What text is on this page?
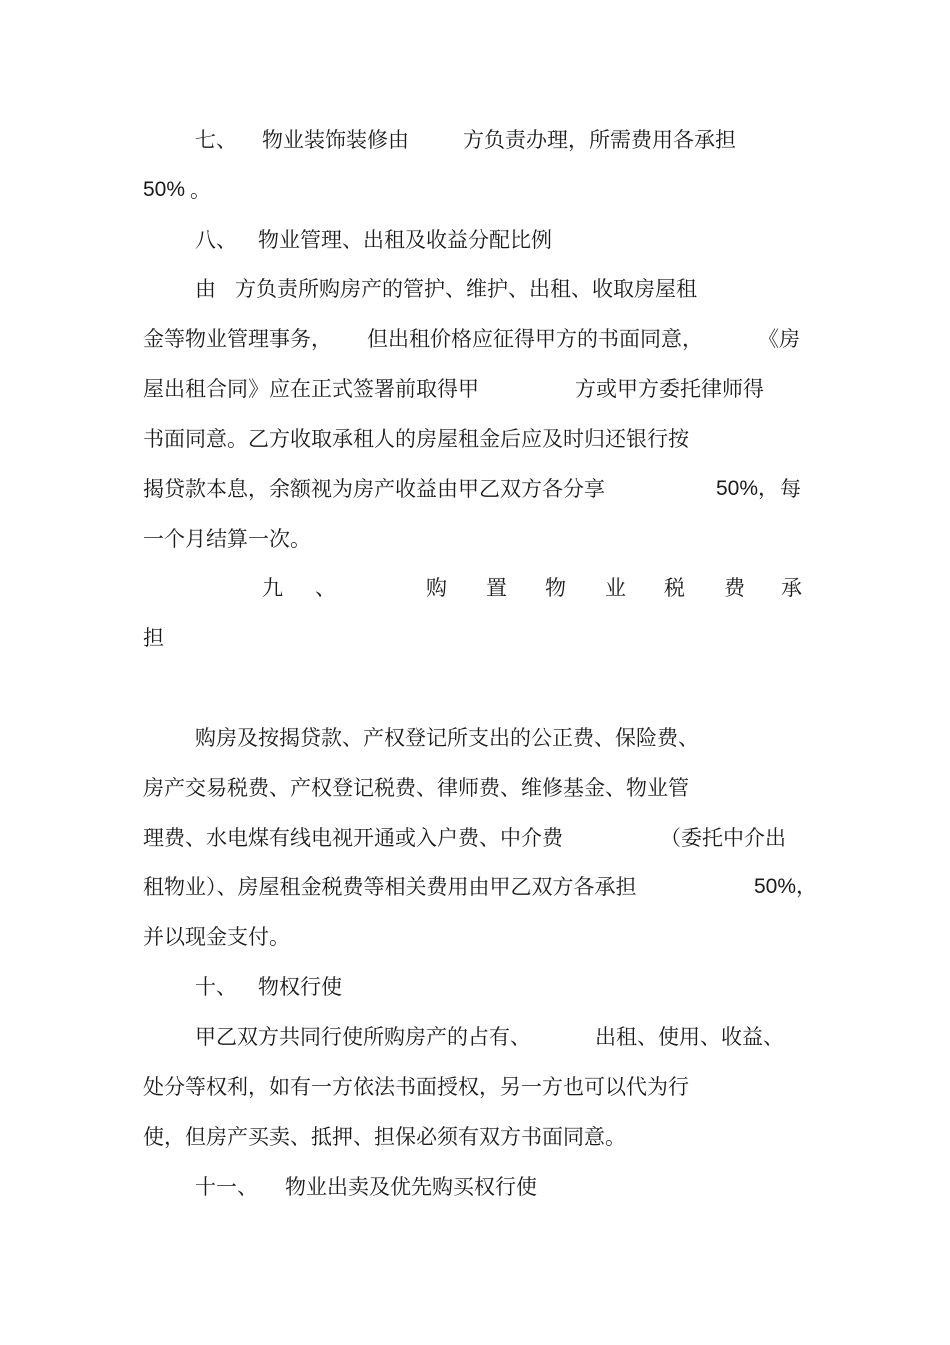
七、

物业装饰装修由

	方负责办理，所需费用各承担

50%

。

八、

物业管理、出租及收益分配比例

由

方负责所购房产的管护、维护、出租、收取房屋租

金等物业管理事务，

但出租价格应征得甲方的书面同意，

	《房

屋出租合同》应在正式签署前取得甲

	方或甲方委托律师得

书面同意。乙方收取承租人的房屋租金后应及时归还银行按

揭贷款本息，余额视为房产收益由甲乙双方各分享

	50%，

每

一个月结算一次。

九

、

	购

置

物

业

税

费

承

担

购房及按揭贷款、产权登记所支出的公正费、保险费、

房产交易税费、产权登记税费、律师费、维修基金、物业管

理费、水电煤有线电视开通或入户费、中介费

	（委托中介出

租物业）、房屋租金税费等相关费用由甲乙双方各承担

	50%，

并以现金支付。

十、

物权行使

甲乙双方共同行使所购房产的占有、

	出租、使用、收益、

处分等权利，如有一方依法书面授权，另一方也可以代为行

使，但房产买卖、抵押、担保必须有双方书面同意。

十一、

物业出卖及优先购买权行使
